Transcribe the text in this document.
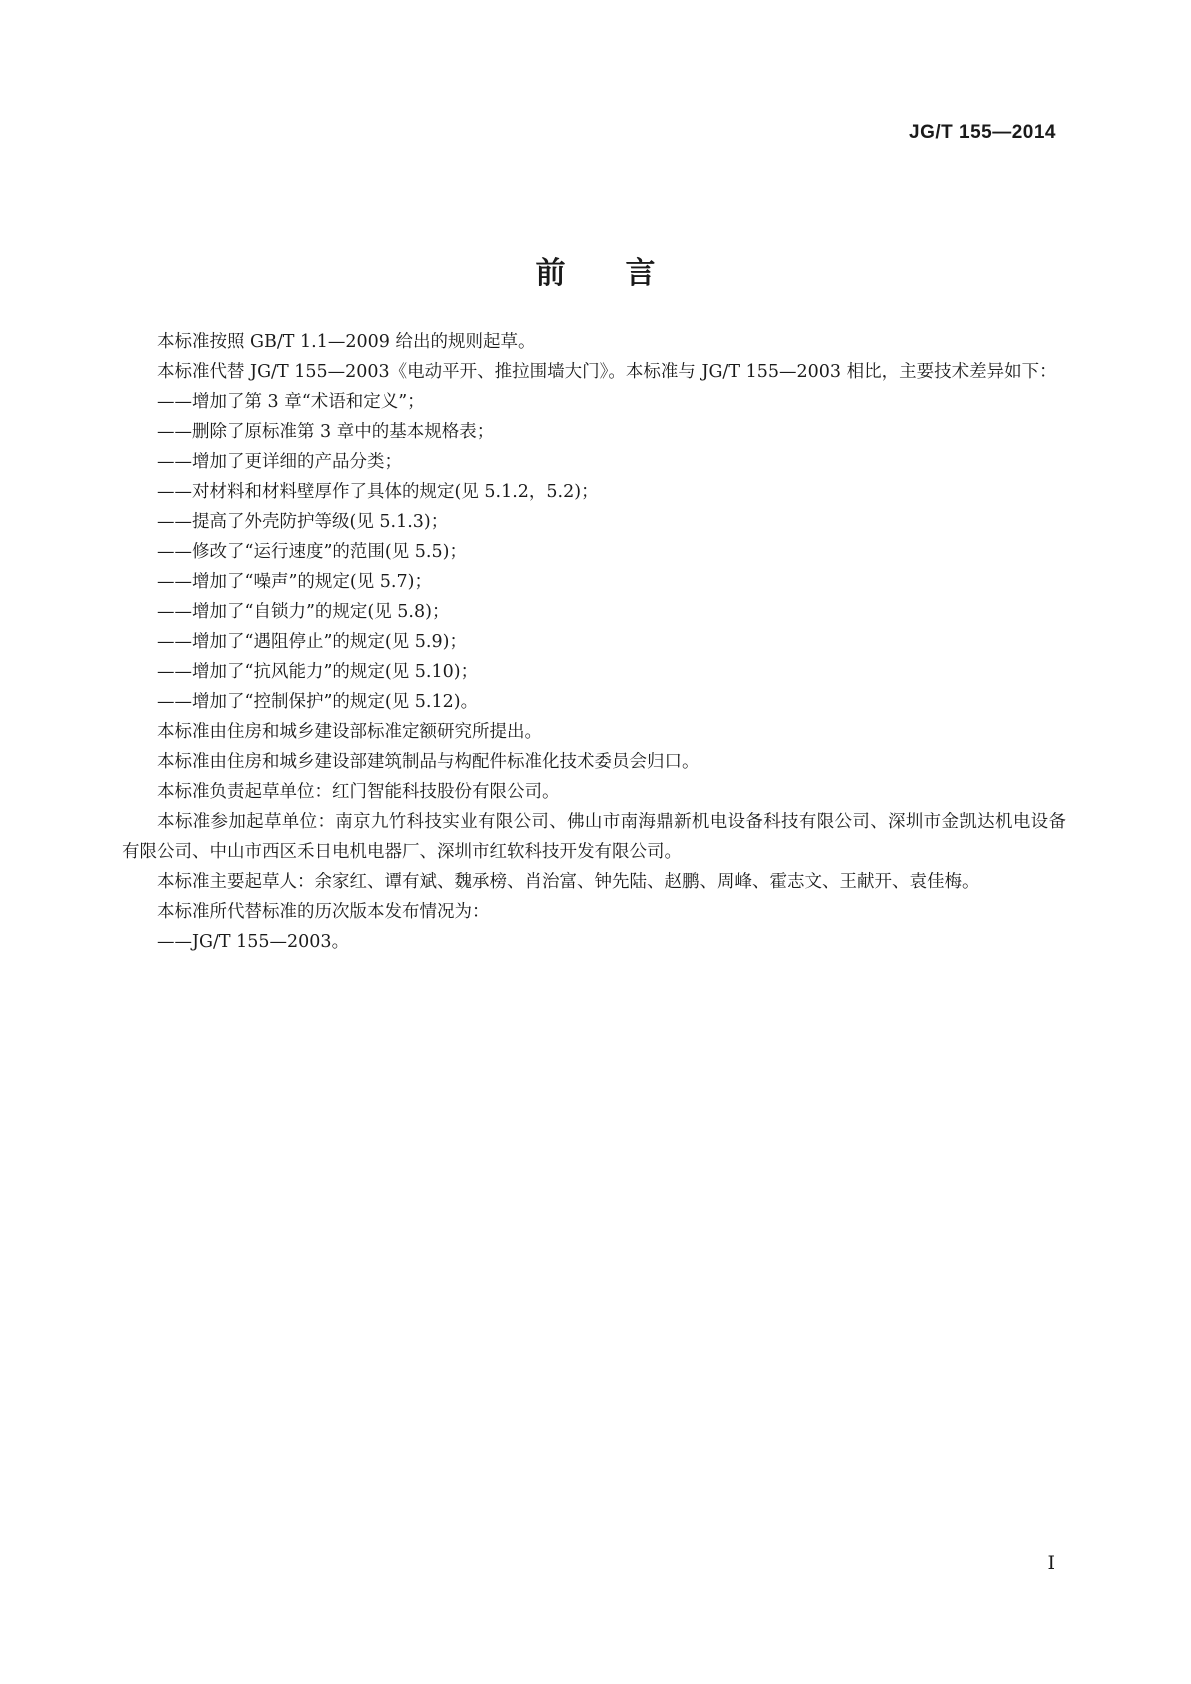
JG/T 155—2014
前言

本标准按照 GB/T 1.1—2009 给出的规则起草。

本标准代替 JG/T 155—2003《电动平开、推拉围墙大门》。本标准与 JG/T 155—2003 相比，主要技术差异如下：

——增加了第 3 章“术语和定义”；

——删除了原标准第 3 章中的基本规格表；

——增加了更详细的产品分类；

——对材料和材料壁厚作了具体的规定(见 5.1.2，5.2)；

——提高了外壳防护等级(见 5.1.3)；

——修改了“运行速度”的范围(见 5.5)；

——增加了“噪声”的规定(见 5.7)；

——增加了“自锁力”的规定(见 5.8)；

——增加了“遇阻停止”的规定(见 5.9)；

——增加了“抗风能力”的规定(见 5.10)；

——增加了“控制保护”的规定(见 5.12)。

本标准由住房和城乡建设部标准定额研究所提出。

本标准由住房和城乡建设部建筑制品与构配件标准化技术委员会归口。

本标准负责起草单位：红门智能科技股份有限公司。

本标准参加起草单位：南京九竹科技实业有限公司、佛山市南海鼎新机电设备科技有限公司、深圳市金凯达机电设备有限公司、中山市西区禾日电机电器厂、深圳市红软科技开发有限公司。

本标准主要起草人：余家红、谭有斌、魏承榜、肖治富、钟先陆、赵鹏、周峰、霍志文、王献开、袁佳梅。

本标准所代替标准的历次版本发布情况为：

——JG/T 155—2003。

I
